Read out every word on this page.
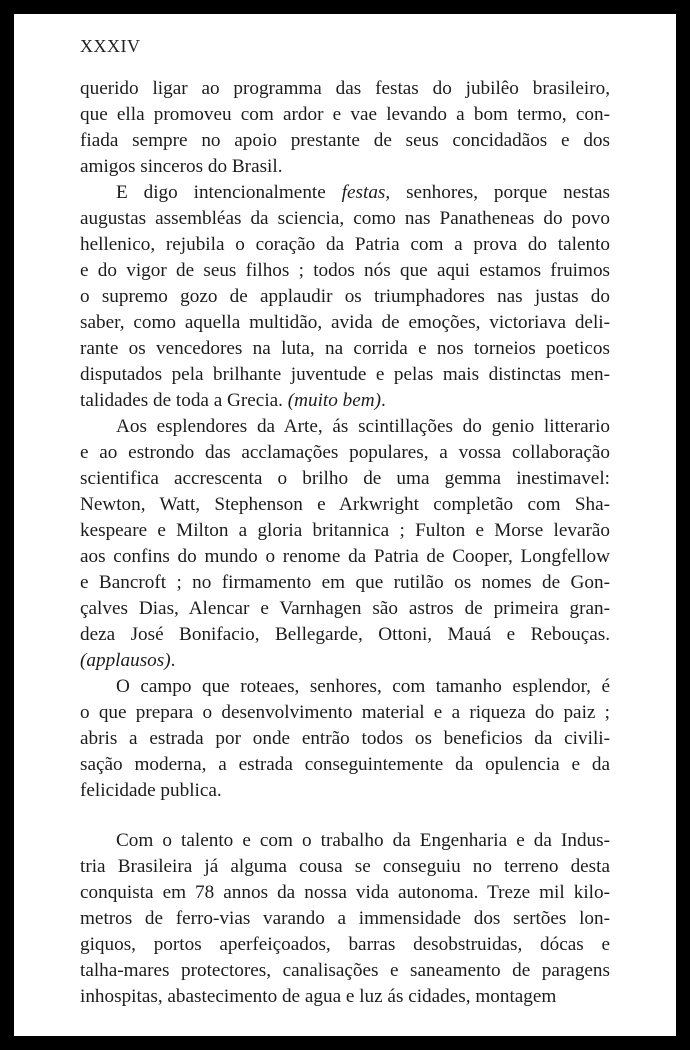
XXXIV
querido ligar ao programma das festas do jubilêo brasileiro,
que ella promoveu com ardor e vae levando a bom termo, con-
fiada sempre no apoio prestante de seus concidadãos e dos
amigos sinceros do Brasil.
E digo intencionalmente festas, senhores, porque nestas
augustas assembléas da sciencia, como nas Panatheneas do povo
hellenico, rejubila o coração da Patria com a prova do talento
e do vigor de seus filhos ; todos nós que aqui estamos fruimos
o supremo gozo de applaudir os triumphadores nas justas do
saber, como aquella multidão, avida de emoções, victoriava deli-
rante os vencedores na luta, na corrida e nos torneios poeticos
disputados pela brilhante juventude e pelas mais distinctas men-
talidades de toda a Grecia. (muito bem).
Aos esplendores da Arte, ás scintillações do genio litterario
e ao estrondo das acclamações populares, a vossa collaboração
scientifica accrescenta o brilho de uma gemma inestimavel:
Newton, Watt, Stephenson e Arkwright completão com Sha-
kespeare e Milton a gloria britannica ; Fulton e Morse levarão
aos confins do mundo o renome da Patria de Cooper, Longfellow
e Bancroft ; no firmamento em que rutilão os nomes de Gon-
çalves Dias, Alencar e Varnhagen são astros de primeira gran-
deza José Bonifacio, Bellegarde, Ottoni, Mauá e Rebouças.
(applausos).
O campo que roteaes, senhores, com tamanho esplendor, é
o que prepara o desenvolvimento material e a riqueza do paiz ;
abris a estrada por onde entrão todos os beneficios da civili-
sação moderna, a estrada conseguintemente da opulencia e da
felicidade publica.
Com o talento e com o trabalho da Engenharia e da Indus-
tria Brasileira já alguma cousa se conseguiu no terreno desta
conquista em 78 annos da nossa vida autonoma. Treze mil kilo-
metros de ferro-vias varando a immensidade dos sertões lon-
giquos, portos aperfeiçoados, barras desobstruidas, dócas e
talha-mares protectores, canalisações e saneamento de paragens
inhospitas, abastecimento de agua e luz ás cidades, montagem
